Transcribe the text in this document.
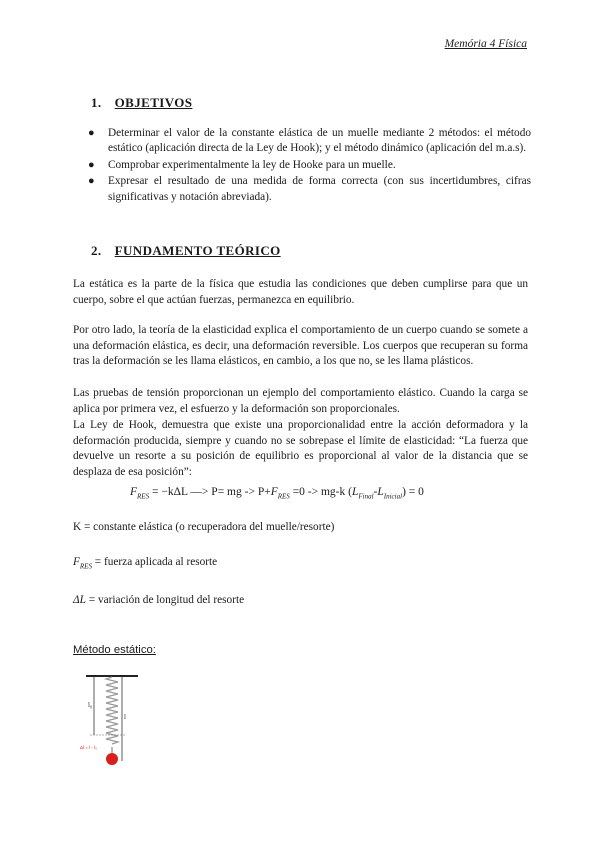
Memória 4 Física
1. OBJETIVOS
● Determinar el valor de la constante elástica de un muelle mediante 2 métodos: el método estático (aplicación directa de la Ley de Hook); y el método dinámico (aplicación del m.a.s).
● Comprobar experimentalmente la ley de Hooke para un muelle.
● Expresar el resultado de una medida de forma correcta (con sus incertidumbres, cifras significativas y notación abreviada).
2. FUNDAMENTO TEÓRICO

La estática es la parte de la física que estudia las condiciones que deben cumplirse para que un cuerpo, sobre el que actúan fuerzas, permanezca en equilibrio.

Por otro lado, la teoría de la elasticidad explica el comportamiento de un cuerpo cuando se somete a una deformación elástica, es decir, una deformación reversible. Los cuerpos que recuperan su forma tras la deformación se les llama elásticos, en cambio, a los que no, se les llama plásticos.

Las pruebas de tensión proporcionan un ejemplo del comportamiento elástico. Cuando la carga se aplica por primera vez, el esfuerzo y la deformación son proporcionales.

La Ley de Hook, demuestra que existe una proporcionalidad entre la acción deformadora y la deformación producida, siempre y cuando no se sobrepase el límite de elasticidad: “La fuerza que devuelve un resorte a su posición de equilibrio es proporcional al valor de la distancia que se desplaza de esa posición”:

$F_{RES} = -k\Delta L$ —> P= mg -> $P+F_{RES} =0 -> mg-k$ $(L_{Final}-L_{Inicial}) = 0$
K = constante elástica (o recuperadora del muelle/resorte)
$F_{RES}$ = fuerza aplicada al resorte
ΔL = variación de longitud del resorte
Método estático:
l₀
l
Δl = l - l₀
